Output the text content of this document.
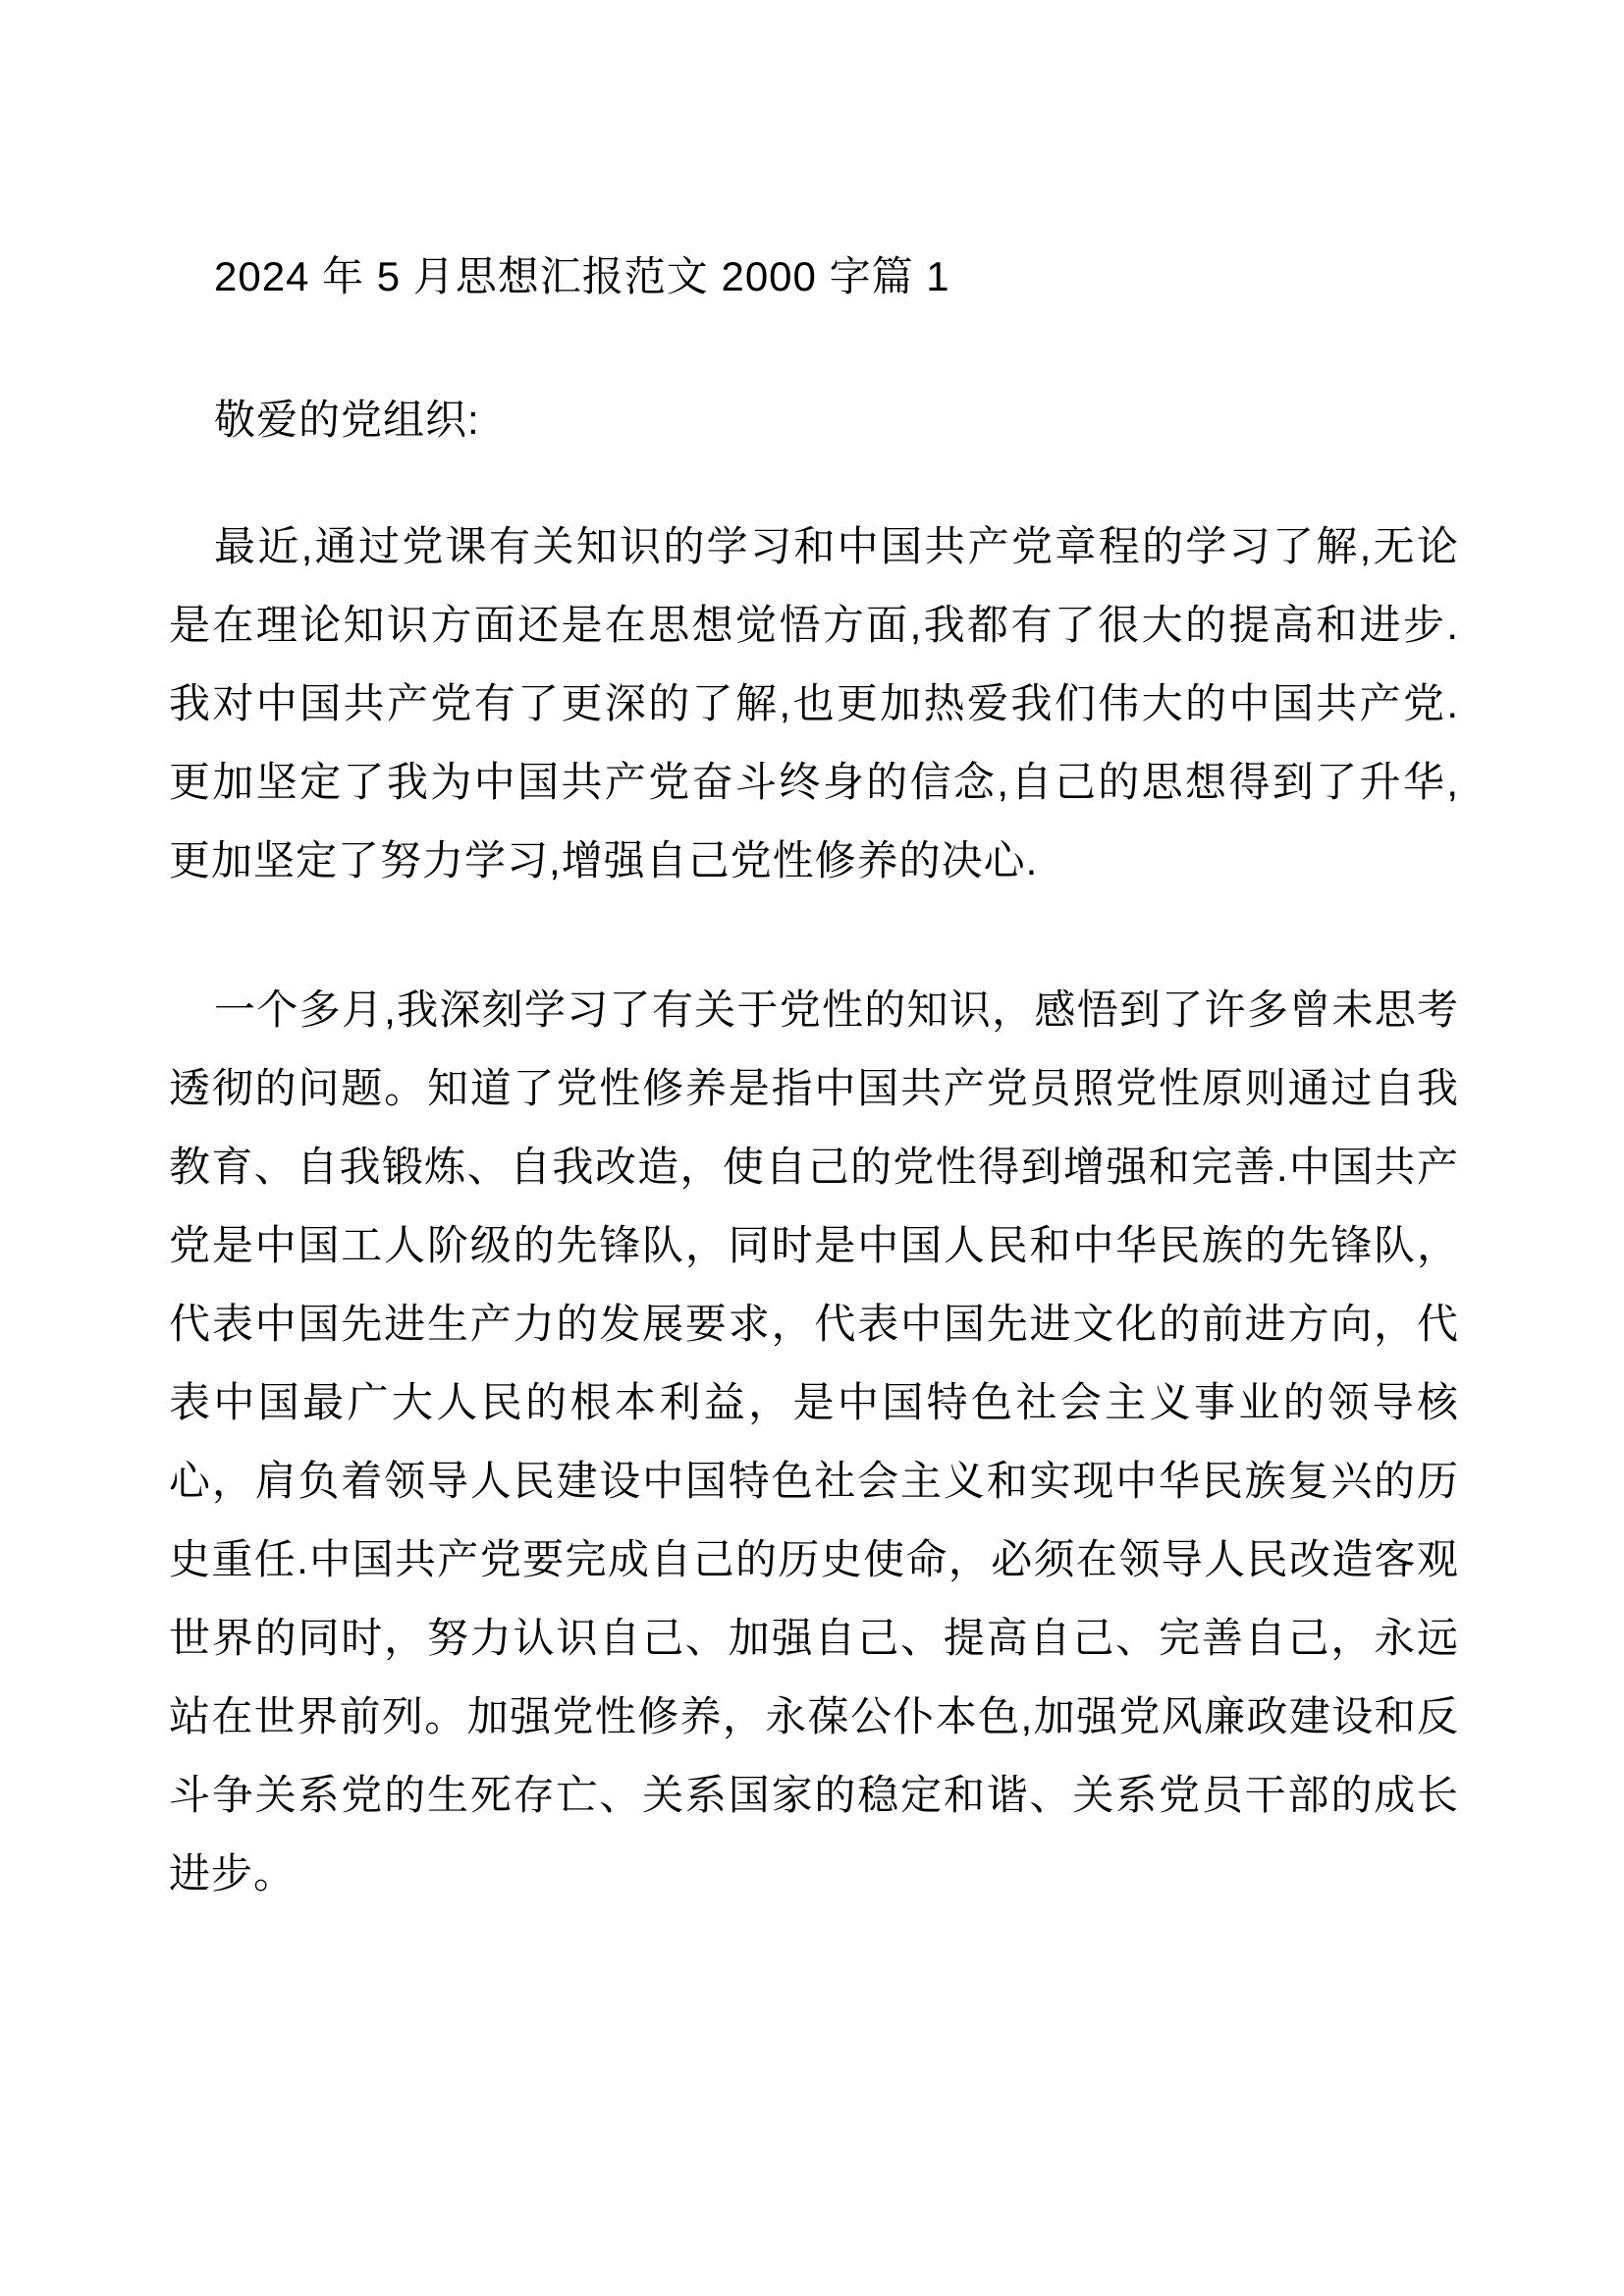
2024 年 5 月思想汇报范文 2000 字篇 1

敬爱的党组织:

最近,通过党课有关知识的学习和中国共产党章程的学习了解,无论是在理论知识方面还是在思想觉悟方面,我都有了很大的提高和进步.我对中国共产党有了更深的了解,也更加热爱我们伟大的中国共产党.更加坚定了我为中国共产党奋斗终身的信念,自己的思想得到了升华,更加坚定了努力学习,增强自己党性修养的决心.

一个多月,我深刻学习了有关于党性的知识，感悟到了许多曾未思考透彻的问题。知道了党性修养是指中国共产党员照党性原则通过自我教育、自我锻炼、自我改造，使自己的党性得到增强和完善.中国共产党是中国工人阶级的先锋队，同时是中国人民和中华民族的先锋队，代表中国先进生产力的发展要求，代表中国先进文化的前进方向，代表中国最广大人民的根本利益，是中国特色社会主义事业的领导核心，肩负着领导人民建设中国特色社会主义和实现中华民族复兴的历史重任.中国共产党要完成自己的历史使命，必须在领导人民改造客观世界的同时，努力认识自己、加强自己、提高自己、完善自己，永远站在世界前列。加强党性修养，永葆公仆本色,加强党风廉政建设和反斗争关系党的生死存亡、关系国家的稳定和谐、关系党员干部的成长进步。
